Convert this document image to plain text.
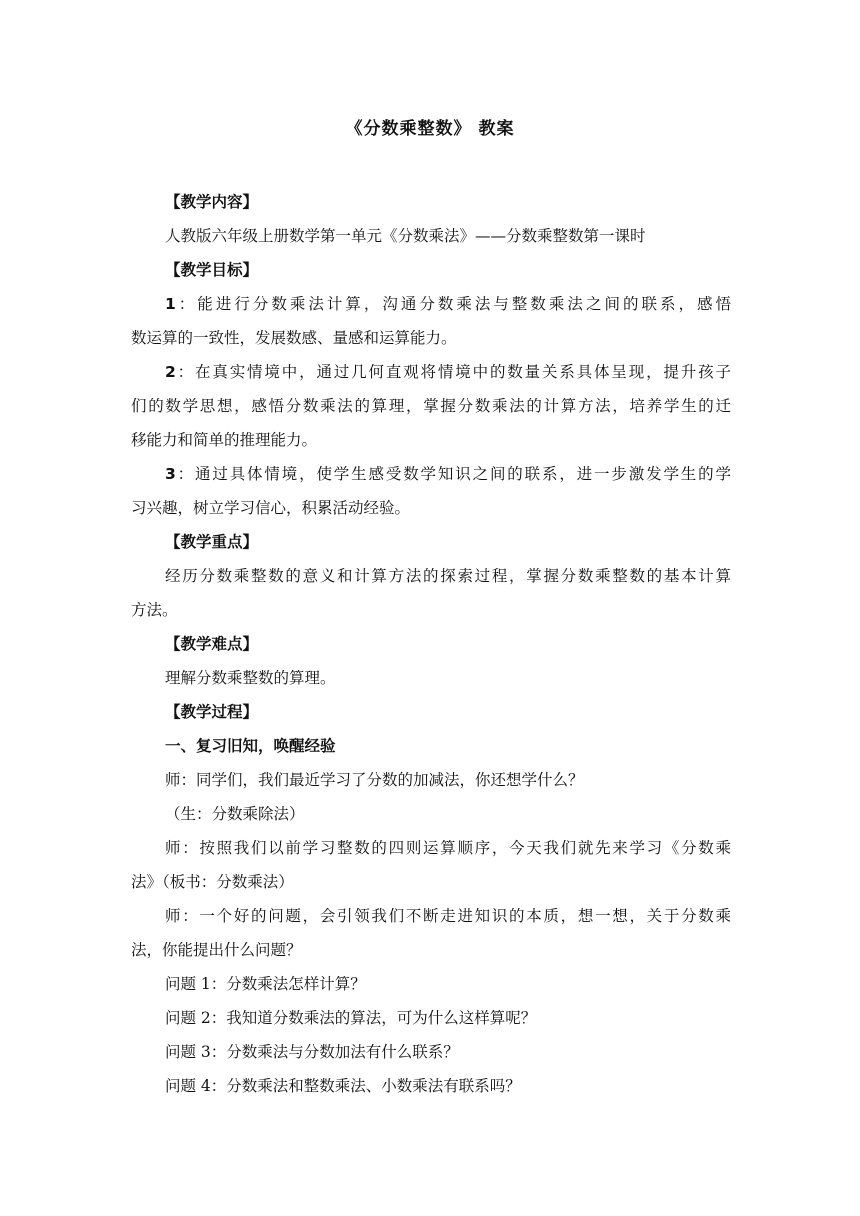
《分数乘整数》 教案
【教学内容】
人教版六年级上册数学第一单元《分数乘法》——分数乘整数第一课时
【教学目标】
1：能进行分数乘法计算，沟通分数乘法与整数乘法之间的联系，感悟
数运算的一致性，发展数感、量感和运算能力。
2：在真实情境中，通过几何直观将情境中的数量关系具体呈现，提升孩子
们的数学思想，感悟分数乘法的算理，掌握分数乘法的计算方法，培养学生的迁
移能力和简单的推理能力。
3：通过具体情境，使学生感受数学知识之间的联系，进一步激发学生的学
习兴趣，树立学习信心，积累活动经验。
【教学重点】
经历分数乘整数的意义和计算方法的探索过程，掌握分数乘整数的基本计算
方法。
【教学难点】
理解分数乘整数的算理。
【教学过程】
一、复习旧知，唤醒经验
师：同学们，我们最近学习了分数的加减法，你还想学什么？
（生：分数乘除法）
师：按照我们以前学习整数的四则运算顺序，今天我们就先来学习《分数乘
法》（板书：分数乘法）
师：一个好的问题，会引领我们不断走进知识的本质，想一想，关于分数乘
法，你能提出什么问题？
问题 1：分数乘法怎样计算？
问题 2：我知道分数乘法的算法，可为什么这样算呢？
问题 3：分数乘法与分数加法有什么联系？
问题 4：分数乘法和整数乘法、小数乘法有联系吗？
